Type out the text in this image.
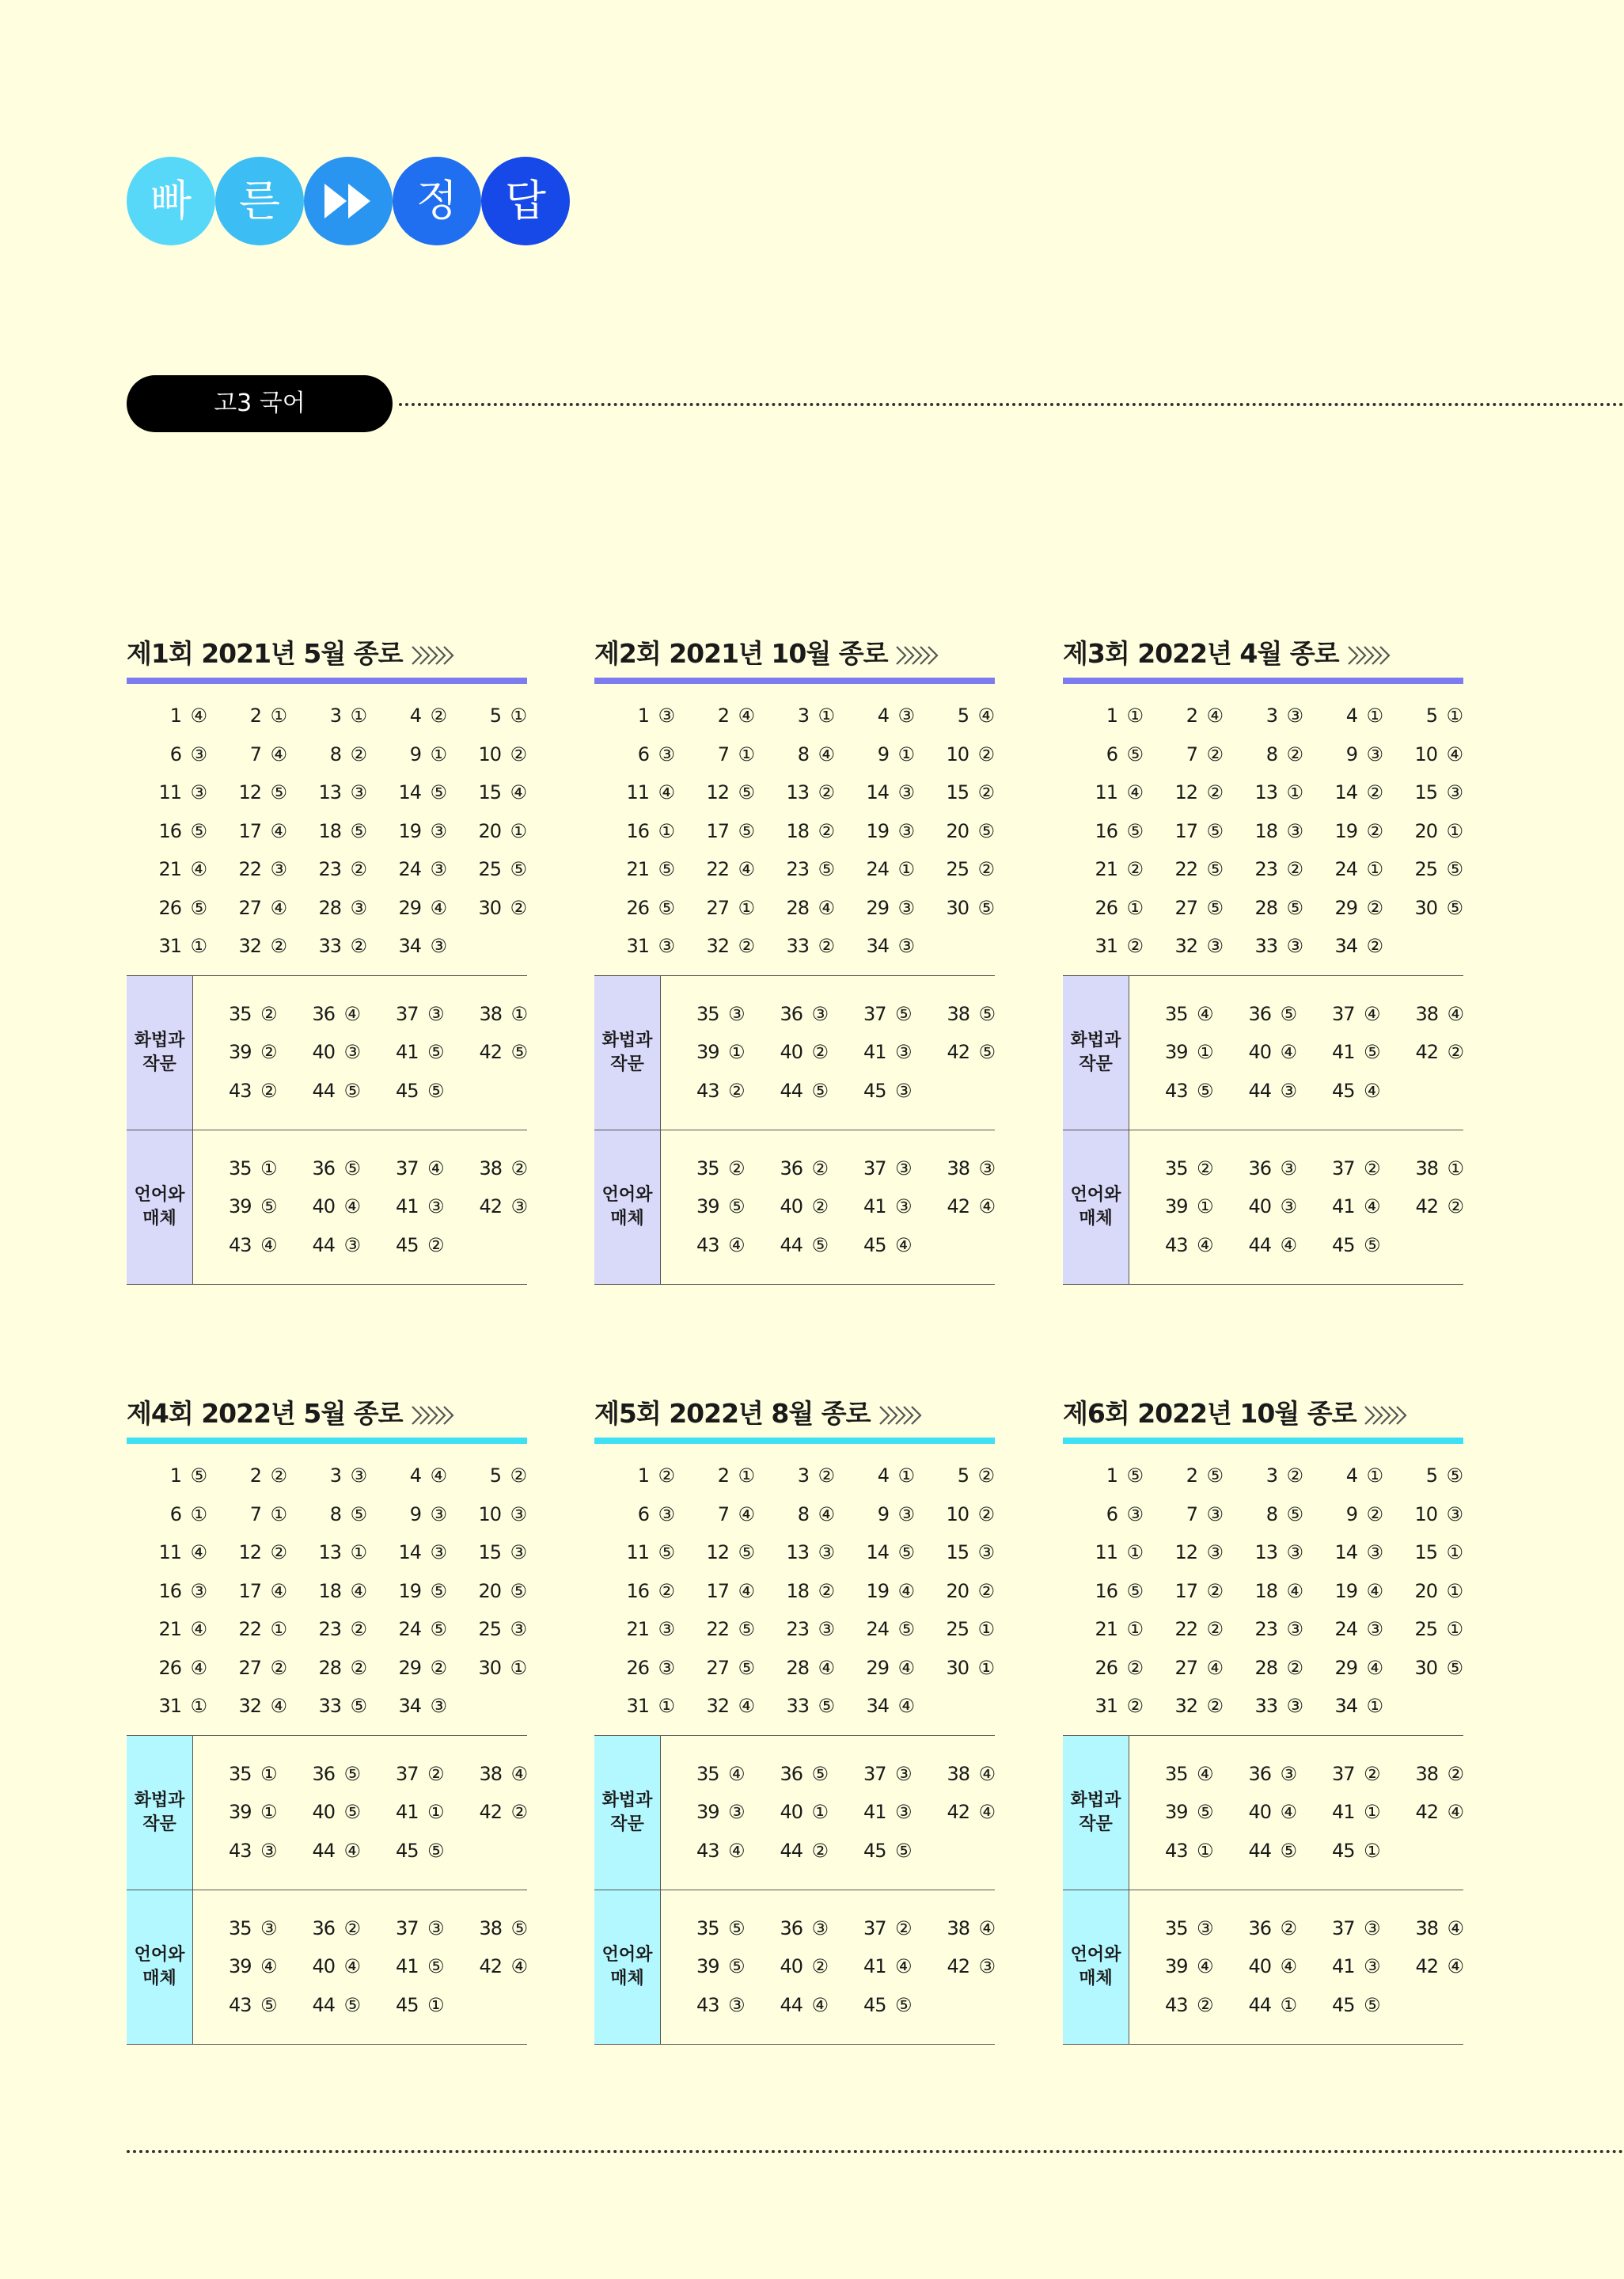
빠	른	정	답
고3 국어
제1회 2021년 5월 종로
1 ④	2 ①	3 ①	4 ②	5 ①
6 ③	7 ④	8 ②	9 ①	10 ②
11 ③	12 ⑤	13 ③	14 ⑤	15 ④
16 ⑤	17 ④	18 ⑤	19 ③	20 ①
21 ④	22 ③	23 ②	24 ③	25 ⑤
26 ⑤	27 ④	28 ③	29 ④	30 ②
31 ①	32 ②	33 ②	34 ③
화법과
작문
35 ②	36 ④	37 ③	38 ①
39 ②	40 ③	41 ⑤	42 ⑤
43 ②	44 ⑤	45 ⑤
언어와
매체
35 ①	36 ⑤	37 ④	38 ②
39 ⑤	40 ④	41 ③	42 ③
43 ④	44 ③	45 ②
제2회 2021년 10월 종로
1 ③	2 ④	3 ①	4 ③	5 ④
6 ③	7 ①	8 ④	9 ①	10 ②
11 ④	12 ⑤	13 ②	14 ③	15 ②
16 ①	17 ⑤	18 ②	19 ③	20 ⑤
21 ⑤	22 ④	23 ⑤	24 ①	25 ②
26 ⑤	27 ①	28 ④	29 ③	30 ⑤
31 ③	32 ②	33 ②	34 ③
화법과
작문
35 ③	36 ③	37 ⑤	38 ⑤
39 ①	40 ②	41 ③	42 ⑤
43 ②	44 ⑤	45 ③
언어와
매체
35 ②	36 ②	37 ③	38 ③
39 ⑤	40 ②	41 ③	42 ④
43 ④	44 ⑤	45 ④
제3회 2022년 4월 종로
1 ①	2 ④	3 ③	4 ①	5 ①
6 ⑤	7 ②	8 ②	9 ③	10 ④
11 ④	12 ②	13 ①	14 ②	15 ③
16 ⑤	17 ⑤	18 ③	19 ②	20 ①
21 ②	22 ⑤	23 ②	24 ①	25 ⑤
26 ①	27 ⑤	28 ⑤	29 ②	30 ⑤
31 ②	32 ③	33 ③	34 ②
화법과
작문
35 ④	36 ⑤	37 ④	38 ④
39 ①	40 ④	41 ⑤	42 ②
43 ⑤	44 ③	45 ④
언어와
매체
35 ②	36 ③	37 ②	38 ①
39 ①	40 ③	41 ④	42 ②
43 ④	44 ④	45 ⑤
제4회 2022년 5월 종로
1 ⑤	2 ②	3 ③	4 ④	5 ②
6 ①	7 ①	8 ⑤	9 ③	10 ③
11 ④	12 ②	13 ①	14 ③	15 ③
16 ③	17 ④	18 ④	19 ⑤	20 ⑤
21 ④	22 ①	23 ②	24 ⑤	25 ③
26 ④	27 ②	28 ②	29 ②	30 ①
31 ①	32 ④	33 ⑤	34 ③
화법과
작문
35 ①	36 ⑤	37 ②	38 ④
39 ①	40 ⑤	41 ①	42 ②
43 ③	44 ④	45 ⑤
언어와
매체
35 ③	36 ②	37 ③	38 ⑤
39 ④	40 ④	41 ⑤	42 ④
43 ⑤	44 ⑤	45 ①
제5회 2022년 8월 종로
1 ②	2 ①	3 ②	4 ①	5 ②
6 ③	7 ④	8 ④	9 ③	10 ②
11 ⑤	12 ⑤	13 ③	14 ⑤	15 ③
16 ②	17 ④	18 ②	19 ④	20 ②
21 ③	22 ⑤	23 ③	24 ⑤	25 ①
26 ③	27 ⑤	28 ④	29 ④	30 ①
31 ①	32 ④	33 ⑤	34 ④
화법과
작문
35 ④	36 ⑤	37 ③	38 ④
39 ③	40 ①	41 ③	42 ④
43 ④	44 ②	45 ⑤
언어와
매체
35 ⑤	36 ③	37 ②	38 ④
39 ⑤	40 ②	41 ④	42 ③
43 ③	44 ④	45 ⑤
제6회 2022년 10월 종로
1 ⑤	2 ⑤	3 ②	4 ①	5 ⑤
6 ③	7 ③	8 ⑤	9 ②	10 ③
11 ①	12 ③	13 ③	14 ③	15 ①
16 ⑤	17 ②	18 ④	19 ④	20 ①
21 ①	22 ②	23 ③	24 ③	25 ①
26 ②	27 ④	28 ②	29 ④	30 ⑤
31 ②	32 ②	33 ③	34 ①
화법과
작문
35 ④	36 ③	37 ②	38 ②
39 ⑤	40 ④	41 ①	42 ④
43 ①	44 ⑤	45 ①
언어와
매체
35 ③	36 ②	37 ③	38 ④
39 ④	40 ④	41 ③	42 ④
43 ②	44 ①	45 ⑤
